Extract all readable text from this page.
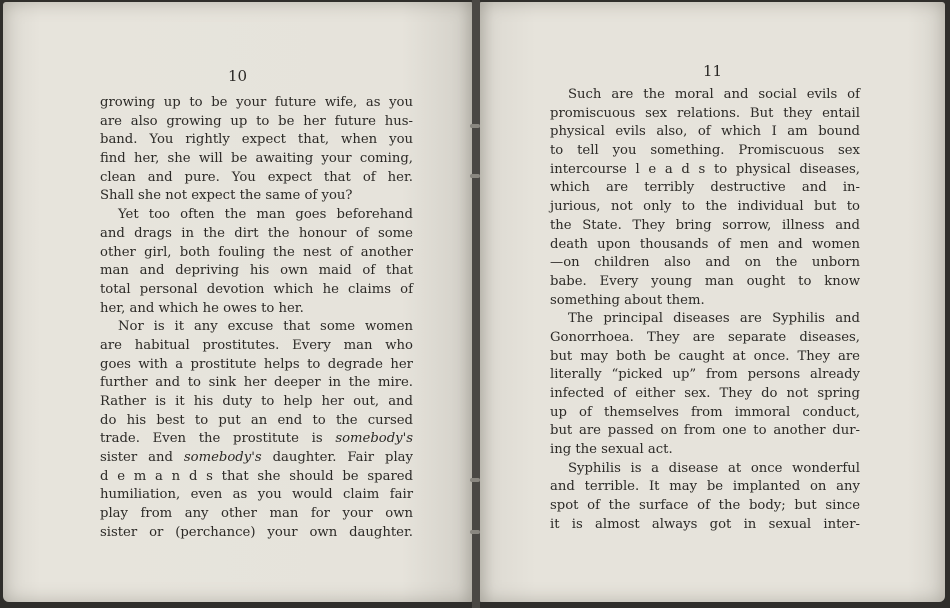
10
growing up to be your future wife, as you
are also growing up to be her future hus-
band. You rightly expect that, when you
find her, she will be awaiting your coming,
clean and pure. You expect that of her.
Shall she not expect the same of you?
Yet too often the man goes beforehand
and drags in the dirt the honour of some
other girl, both fouling the nest of another
man and depriving his own maid of that
total personal devotion which he claims of
her, and which he owes to her.
Nor is it any excuse that some women
are habitual prostitutes. Every man who
goes with a prostitute helps to degrade her
further and to sink her deeper in the mire.
Rather is it his duty to help her out, and
do his best to put an end to the cursed
trade. Even the prostitute is somebody's
sister and somebody's daughter. Fair play
d e m a n d s that she should be spared
humiliation, even as you would claim fair
play from any other man for your own
sister or (perchance) your own daughter.
11
Such are the moral and social evils of
promiscuous sex relations. But they entail
physical evils also, of which I am bound
to tell you something. Promiscuous sex
intercourse l e a d s to physical diseases,
which are terribly destructive and in-
jurious, not only to the individual but to
the State. They bring sorrow, illness and
death upon thousands of men and women
—on children also and on the unborn
babe. Every young man ought to know
something about them.
The principal diseases are Syphilis and
Gonorrhoea. They are separate diseases,
but may both be caught at once. They are
literally “picked up” from persons already
infected of either sex. They do not spring
up of themselves from immoral conduct,
but are passed on from one to another dur-
ing the sexual act.
Syphilis is a disease at once wonderful
and terrible. It may be implanted on any
spot of the surface of the body; but since
it is almost always got in sexual inter-
